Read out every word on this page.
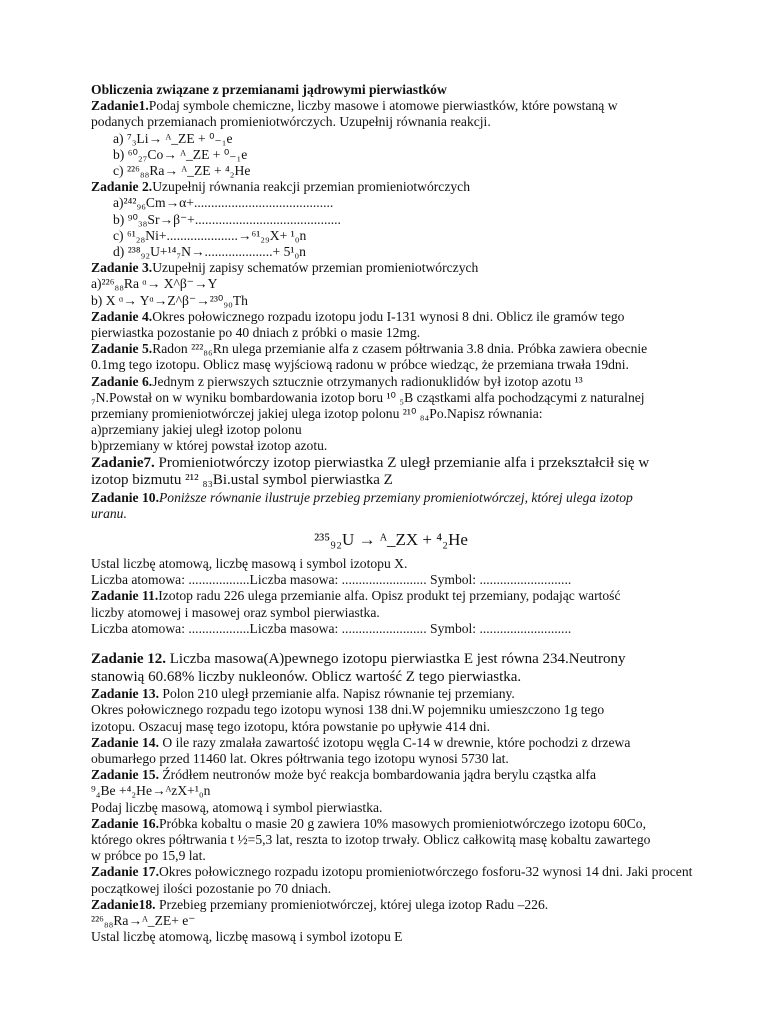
Obliczenia związane z przemianami jądrowymi pierwiastków
Zadanie1.Podaj symbole chemiczne, liczby masowe i atomowe pierwiastków, które powstaną w
podanych przemianach promieniotwórczych. Uzupełnij równania reakcji.
a) ⁷₃Li→ ᴬ_ZE + ⁰₋₁e
b) ⁶⁰₂₇Co→ ᴬ_ZE + ⁰₋₁e
c) ²²⁶₈₈Ra→ ᴬ_ZE + ⁴₂He
Zadanie 2.Uzupełnij równania reakcji przemian promieniotwórczych
a)²⁴²₉₆Cm→α+.........................................
b) ⁹⁰₃₈Sr→β⁻+...........................................
c) ⁶¹₂₈Ni+.....................→⁶¹₂₉X+ ¹₀n
d) ²³⁸₉₂U+¹⁴₇N→....................+ 5¹₀n
Zadanie 3.Uzupełnij zapisy schematów przemian promieniotwórczych
a)²²⁶₈₈Ra ᵅ→ X^β⁻→Y
b) X ᵅ→ Yᵅ→Z^β⁻→²³⁰₉₀Th
Zadanie 4.Okres połowicznego rozpadu izotopu jodu I-131 wynosi 8 dni. Oblicz ile gramów tego
pierwiastka pozostanie po 40 dniach z próbki o masie 12mg.
Zadanie 5.Radon ²²²₈₆Rn ulega przemianie alfa z czasem półtrwania 3.8 dnia. Próbka zawiera obecnie
0.1mg tego izotopu. Oblicz masę wyjściową radonu w próbce wiedząc, że przemiana trwała 19dni.
Zadanie 6.Jednym z pierwszych sztucznie otrzymanych radionuklidów był izotop azotu ¹³
₇N.Powstał on w wyniku bombardowania izotop boru ¹⁰ ₅B cząstkami alfa pochodzącymi z naturalnej
przemiany promieniotwórczej jakiej ulega izotop polonu ²¹⁰ ₈₄Po.Napisz równania:
a)przemiany jakiej uległ izotop polonu
b)przemiany w której powstał izotop azotu.
Zadanie7. Promieniotwórczy izotop pierwiastka Z uległ przemianie alfa i przekształcił się w
izotop bizmutu ²¹² ₈₃Bi.ustal symbol pierwiastka Z
Zadanie 10.Poniższe równanie ilustruje przebieg przemiany promieniotwórczej, której ulega izotop
uranu.
²³⁵₉₂U → ᴬ_ZX + ⁴₂He
Ustal liczbę atomową, liczbę masową i symbol izotopu X.
Liczba atomowa: ..................Liczba masowa: ......................... Symbol: ...........................
Zadanie 11.Izotop radu 226 ulega przemianie alfa. Opisz produkt tej przemiany, podając wartość
liczby atomowej i masowej oraz symbol pierwiastka.
Liczba atomowa: ..................Liczba masowa: ......................... Symbol: ...........................
Zadanie 12. Liczba masowa(A)pewnego izotopu pierwiastka E jest równa 234.Neutrony
stanowią 60.68% liczby nukleonów. Oblicz wartość Z tego pierwiastka.
Zadanie 13. Polon 210 uległ przemianie alfa. Napisz równanie tej przemiany.
Okres połowicznego rozpadu tego izotopu wynosi 138 dni.W pojemniku umieszczono 1g tego
izotopu. Oszacuj masę tego izotopu, która powstanie po upływie 414 dni.
Zadanie 14. O ile razy zmalała zawartość izotopu węgla C-14 w drewnie, które pochodzi z drzewa
obumarłego przed 11460 lat. Okres półtrwania tego izotopu wynosi 5730 lat.
Zadanie 15. Źródłem neutronów może być reakcja bombardowania jądra berylu cząstka alfa
⁹₄Be +⁴₂He→ᴬzX+¹₀n
Podaj liczbę masową, atomową i symbol pierwiastka.
Zadanie 16.Próbka kobaltu o masie 20 g zawiera 10% masowych promieniotwórczego izotopu 60Co,
którego okres półtrwania t ½=5,3 lat, reszta to izotop trwały. Oblicz całkowitą masę kobaltu zawartego
w próbce po 15,9 lat.
Zadanie 17.Okres połowicznego rozpadu izotopu promieniotwórczego fosforu-32 wynosi 14 dni. Jaki procent
początkowej ilości pozostanie po 70 dniach.
Zadanie18. Przebieg przemiany promieniotwórczej, której ulega izotop Radu –226.
²²⁶₈₈Ra→ᴬ_ZE+ e⁻
Ustal liczbę atomową, liczbę masową i symbol izotopu E
